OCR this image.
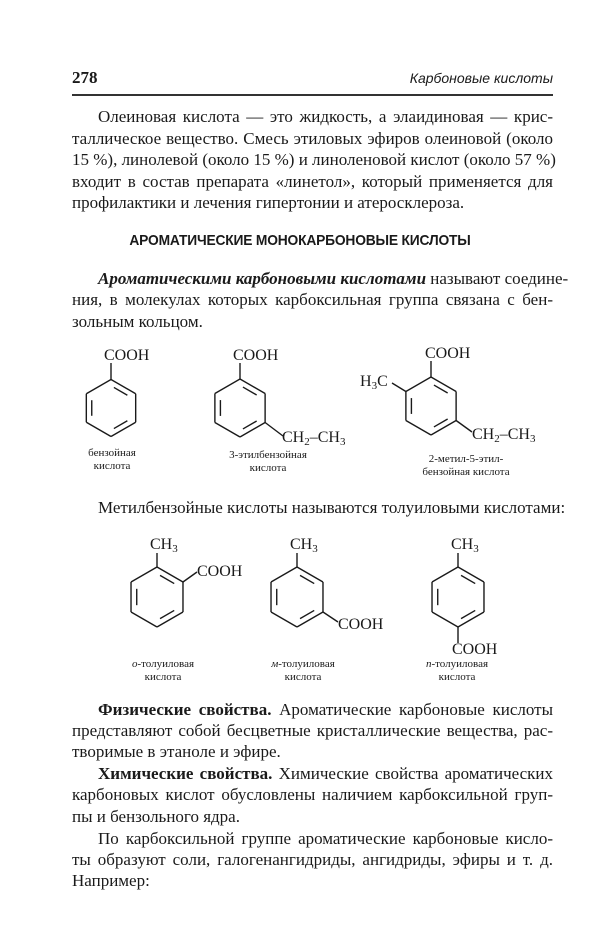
278	Карбоновые кислоты
Олеиновая кислота — это жидкость, а элаидиновая — крис-
таллическое вещество. Смесь этиловых эфиров олеиновой (около
15 %), линолевой (около 15 %) и линоленовой кислот (около 57 %)
входит в состав препарата «линетол», который применяется для
профилактики и лечения гипертонии и атеросклероза.
АРОМАТИЧЕСКИЕ МОНОКАРБОНОВЫЕ КИСЛОТЫ
Ароматическими карбоновыми кислотами называют соедине-
ния, в молекулах которых карбоксильная группа связана с бен-
зольным кольцом.
COOH	COOH
$CH_2-CH_3$
COOH
$H_3C$
$CH_2-CH_3$
бензойная
кислота
3-этилбензойная
кислота
2-метил-5-этил-
бензойная кислота
Метилбензойные кислоты называются толуиловыми кислотами:
$CH_3$
COOH
$CH_3$
COOH
$CH_3$
COOH
о-толуиловая
кислота
м-толуиловая
кислота
п-толуиловая
кислота
Физические свойства. Ароматические карбоновые кислоты
представляют собой бесцветные кристаллические вещества, рас-
творимые в этаноле и эфире.
Химические свойства. Химические свойства ароматических
карбоновых кислот обусловлены наличием карбоксильной груп-
пы и бензольного ядра.
По карбоксильной группе ароматические карбоновые кисло-
ты образуют соли, галогенангидриды, ангидриды, эфиры и т. д.
Например:
